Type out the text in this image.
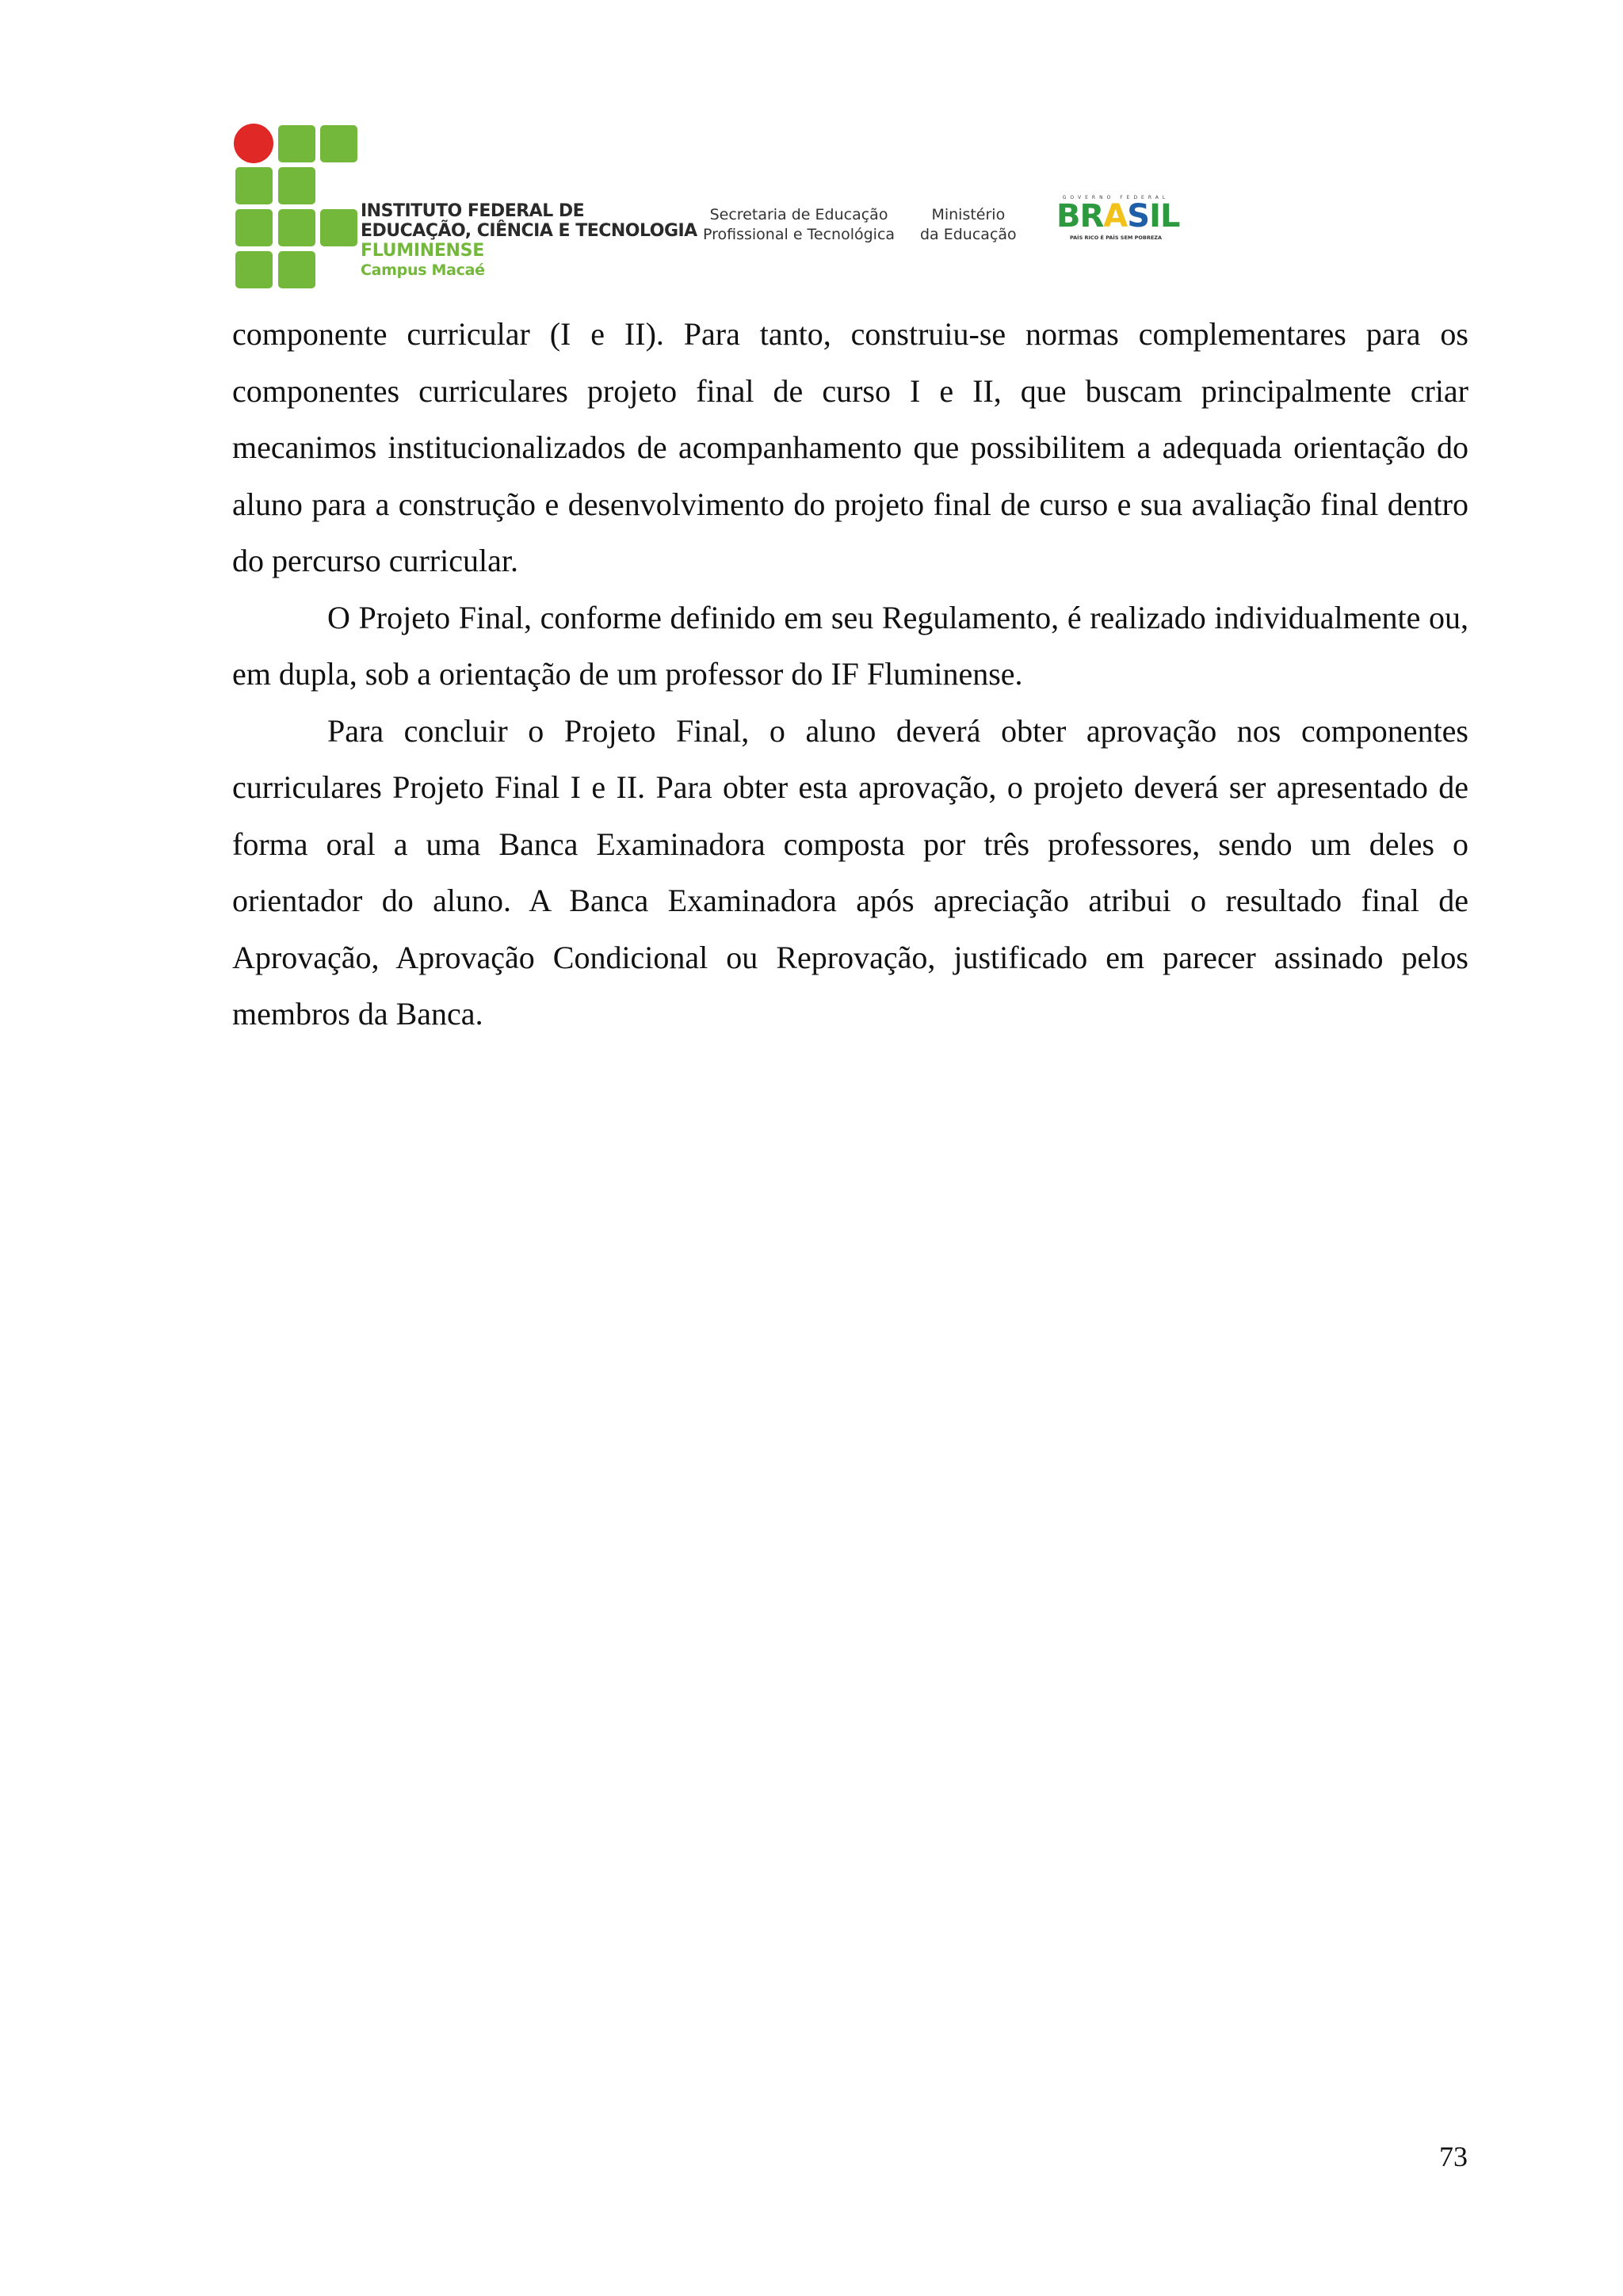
INSTITUTO FEDERAL DE
EDUCAÇÃO, CIÊNCIA E TECNOLOGIA
FLUMINENSE
Campus Macaé
Secretaria de Educação
Profissional e Tecnológica
Ministério
da Educação
GOVERNO FEDERAL
BRASIL
PAÍS RICO É PAÍS SEM POBREZA

componente curricular (I e II). Para tanto, construiu-se normas complementares para os componentes curriculares projeto final de curso I e II, que buscam principalmente criar mecanimos institucionalizados de acompanhamento que possibilitem a adequada orientação do aluno para a construção e desenvolvimento do projeto final de curso e sua avaliação final dentro do percurso curricular.

O Projeto Final, conforme definido em seu Regulamento, é realizado individualmente ou, em dupla, sob a orientação de um professor do IF Fluminense.

Para concluir o Projeto Final, o aluno deverá obter aprovação nos componentes curriculares Projeto Final I e II. Para obter esta aprovação, o projeto deverá ser apresentado de forma oral a uma Banca Examinadora composta por três professores, sendo um deles o orientador do aluno. A Banca Examinadora após apreciação atribui o resultado final de Aprovação, Aprovação Condicional ou Reprovação, justificado em parecer assinado pelos membros da Banca.

73
